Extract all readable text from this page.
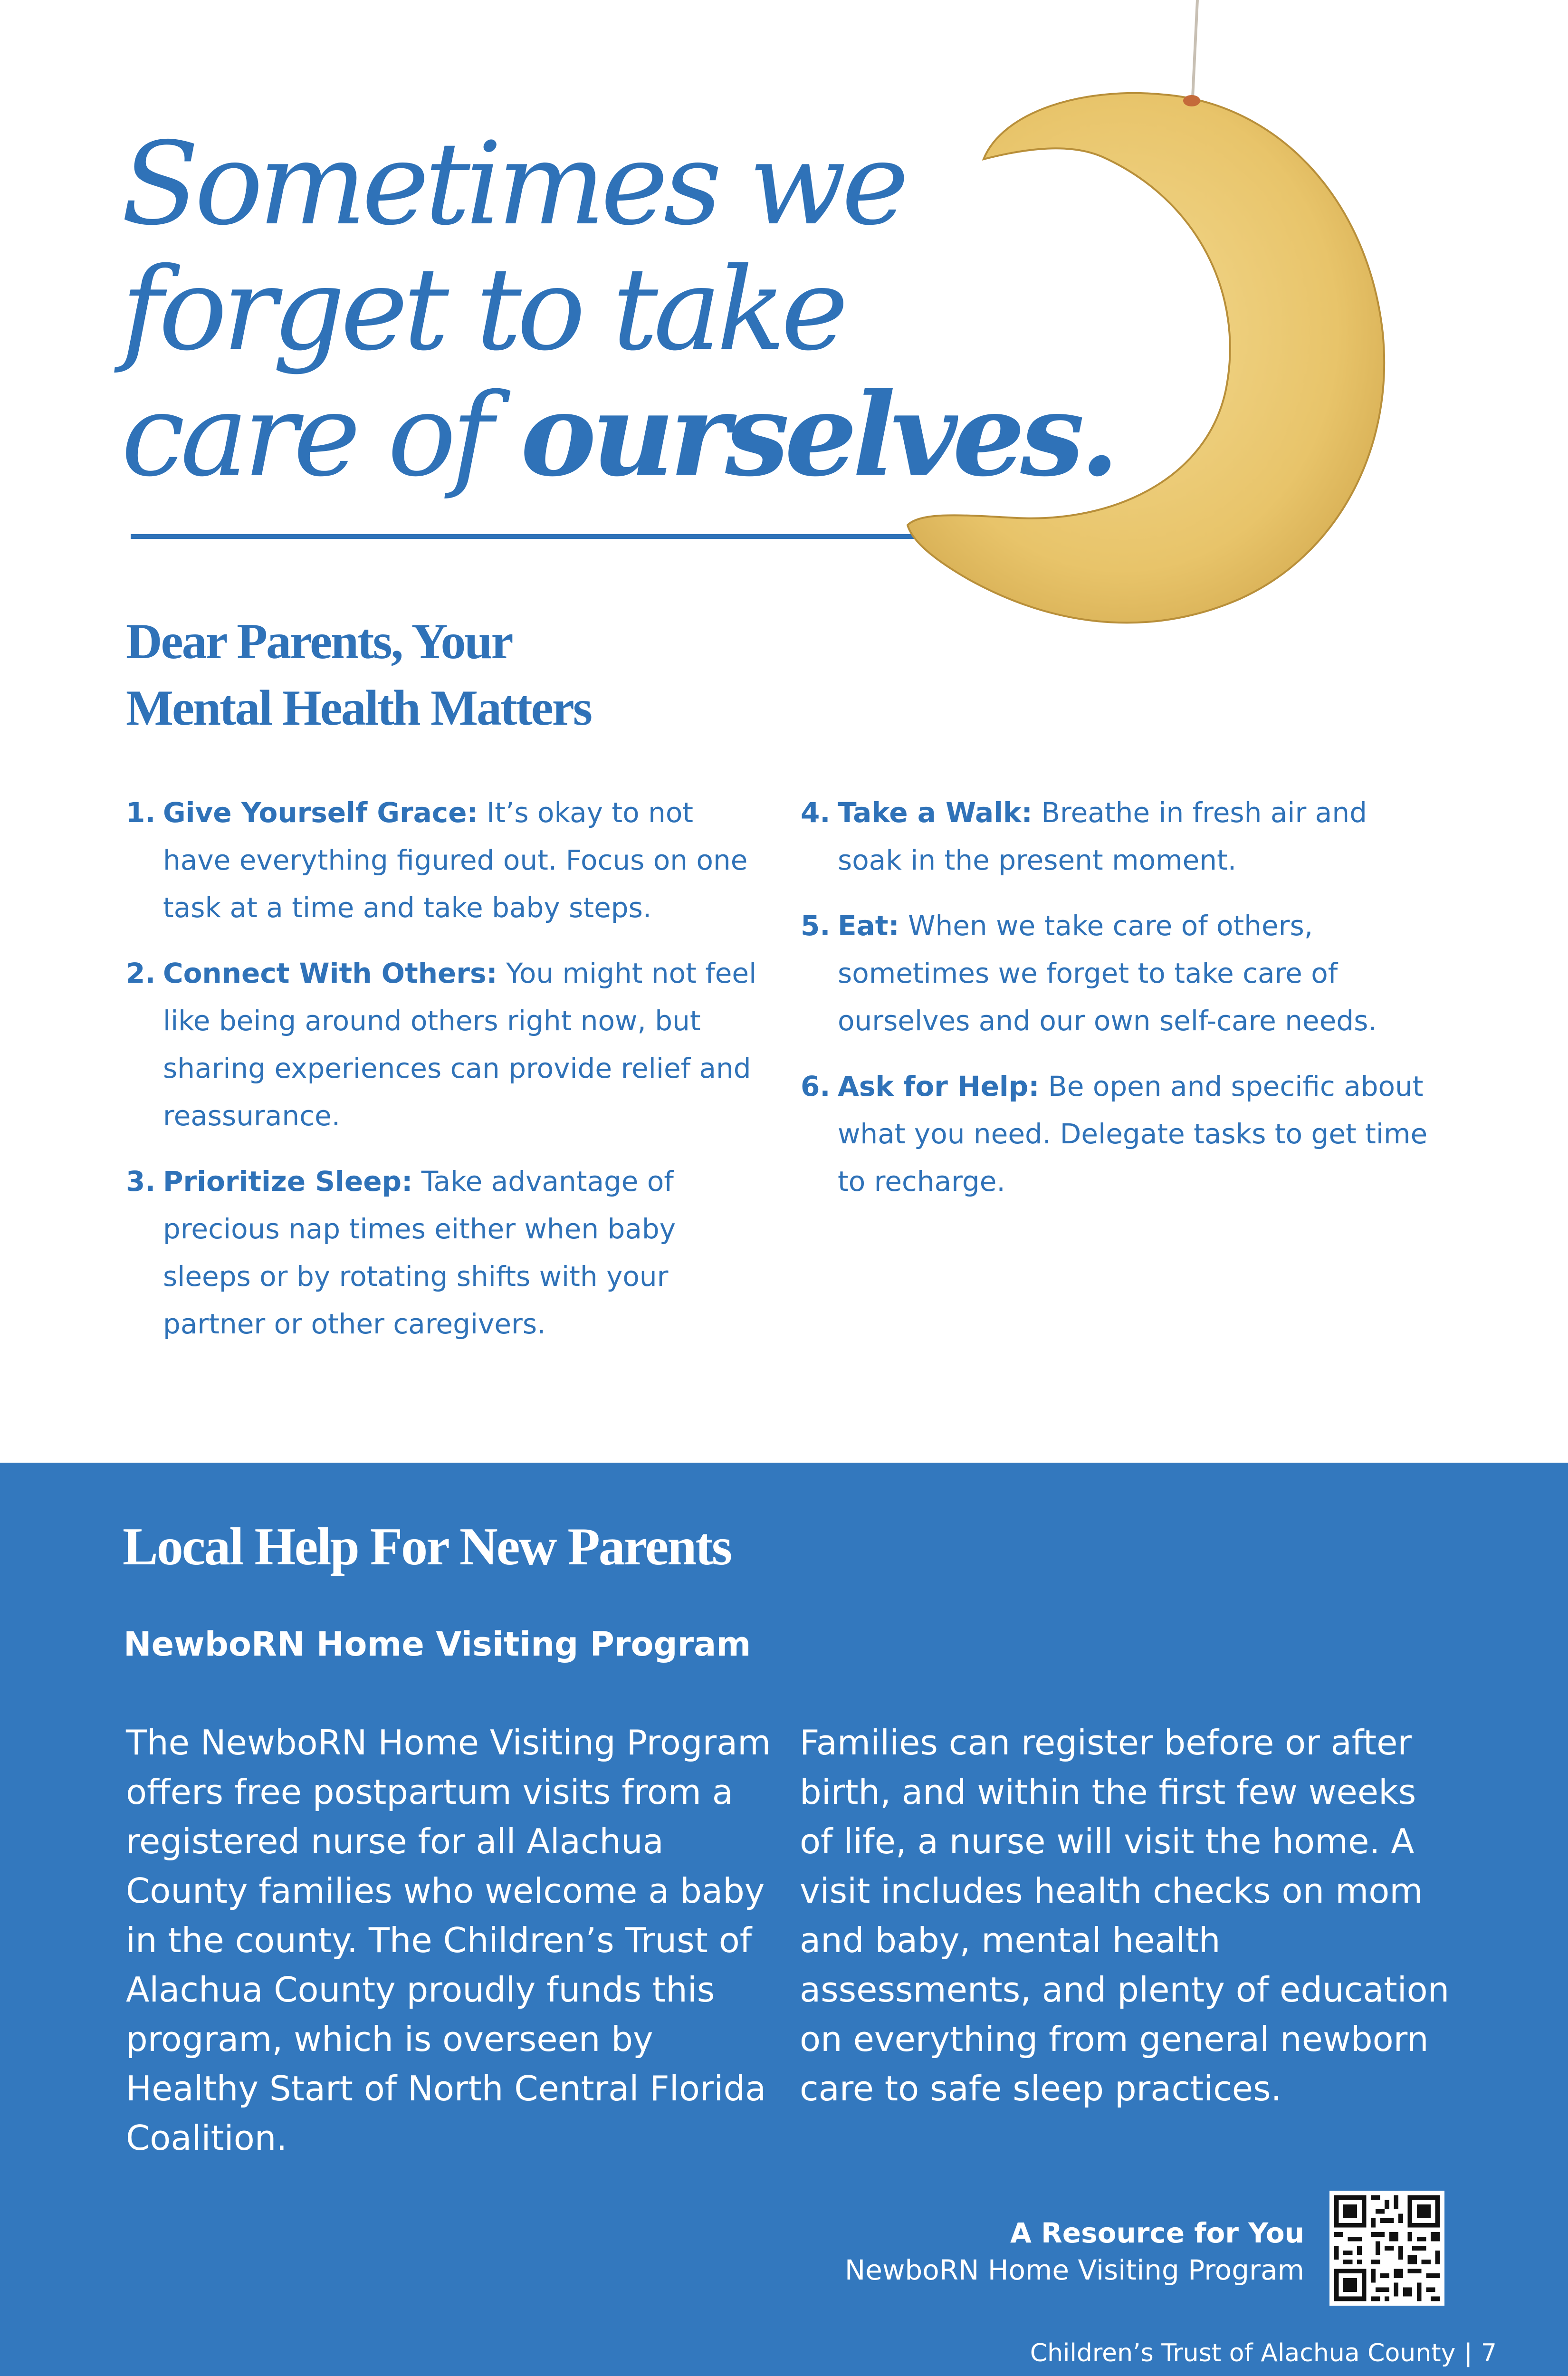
Sometimes we
forget to take
care of ourselves.
Dear Parents, Your
Mental Health Matters
1. Give Yourself Grace: It’s okay to not have everything figured out. Focus on one task at a time and take baby steps.
2. Connect With Others: You might not feel like being around others right now, but sharing experiences can provide relief and reassurance.
3. Prioritize Sleep: Take advantage of precious nap times either when baby sleeps or by rotating shifts with your partner or other caregivers.
4. Take a Walk: Breathe in fresh air and soak in the present moment.
5. Eat: When we take care of others, sometimes we forget to take care of ourselves and our own self-care needs.
6. Ask for Help: Be open and specific about what you need. Delegate tasks to get time to recharge.
Local Help For New Parents
NewboRN Home Visiting Program

The NewboRN Home Visiting Program offers free postpartum visits from a registered nurse for all Alachua County families who welcome a baby in the county. The Children’s Trust of Alachua County proudly funds this program, which is overseen by Healthy Start of North Central Florida Coalition.

Families can register before or after birth, and within the first few weeks of life, a nurse will visit the home. A visit includes health checks on mom and baby, mental health assessments, and plenty of education on everything from general newborn care to safe sleep practices.

A Resource for You
NewboRN Home Visiting Program
Children’s Trust of Alachua County | 7
